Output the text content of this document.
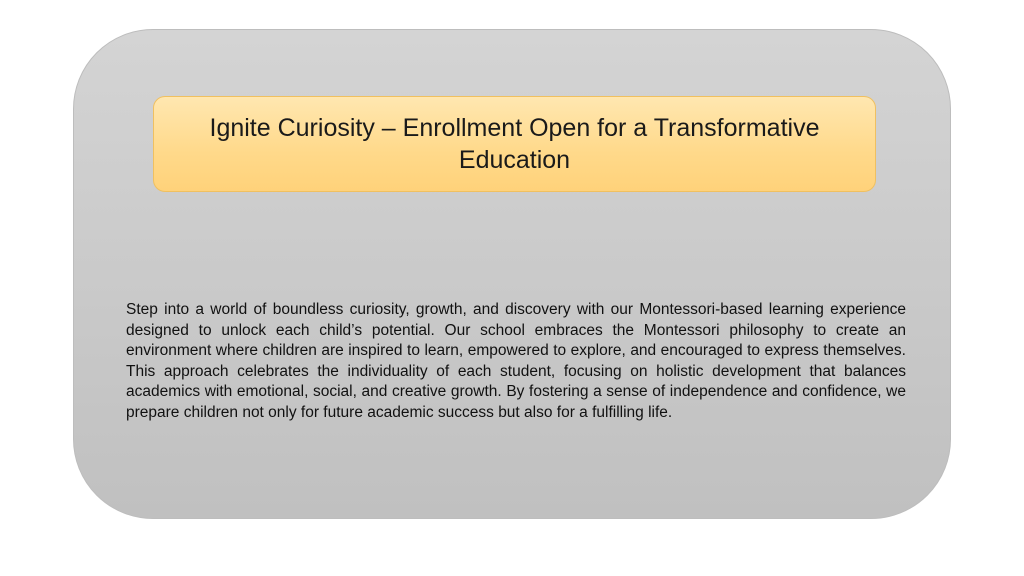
Ignite Curiosity – Enrollment Open for a Transformative Education

Step into a world of boundless curiosity, growth, and discovery with our Montessori-based learning experience designed to unlock each child’s potential. Our school embraces the Montessori philosophy to create an environment where children are inspired to learn, empowered to explore, and encouraged to express themselves. This approach celebrates the individuality of each student, focusing on holistic development that balances academics with emotional, social, and creative growth. By fostering a sense of independence and confidence, we prepare children not only for future academic success but also for a fulfilling life.
